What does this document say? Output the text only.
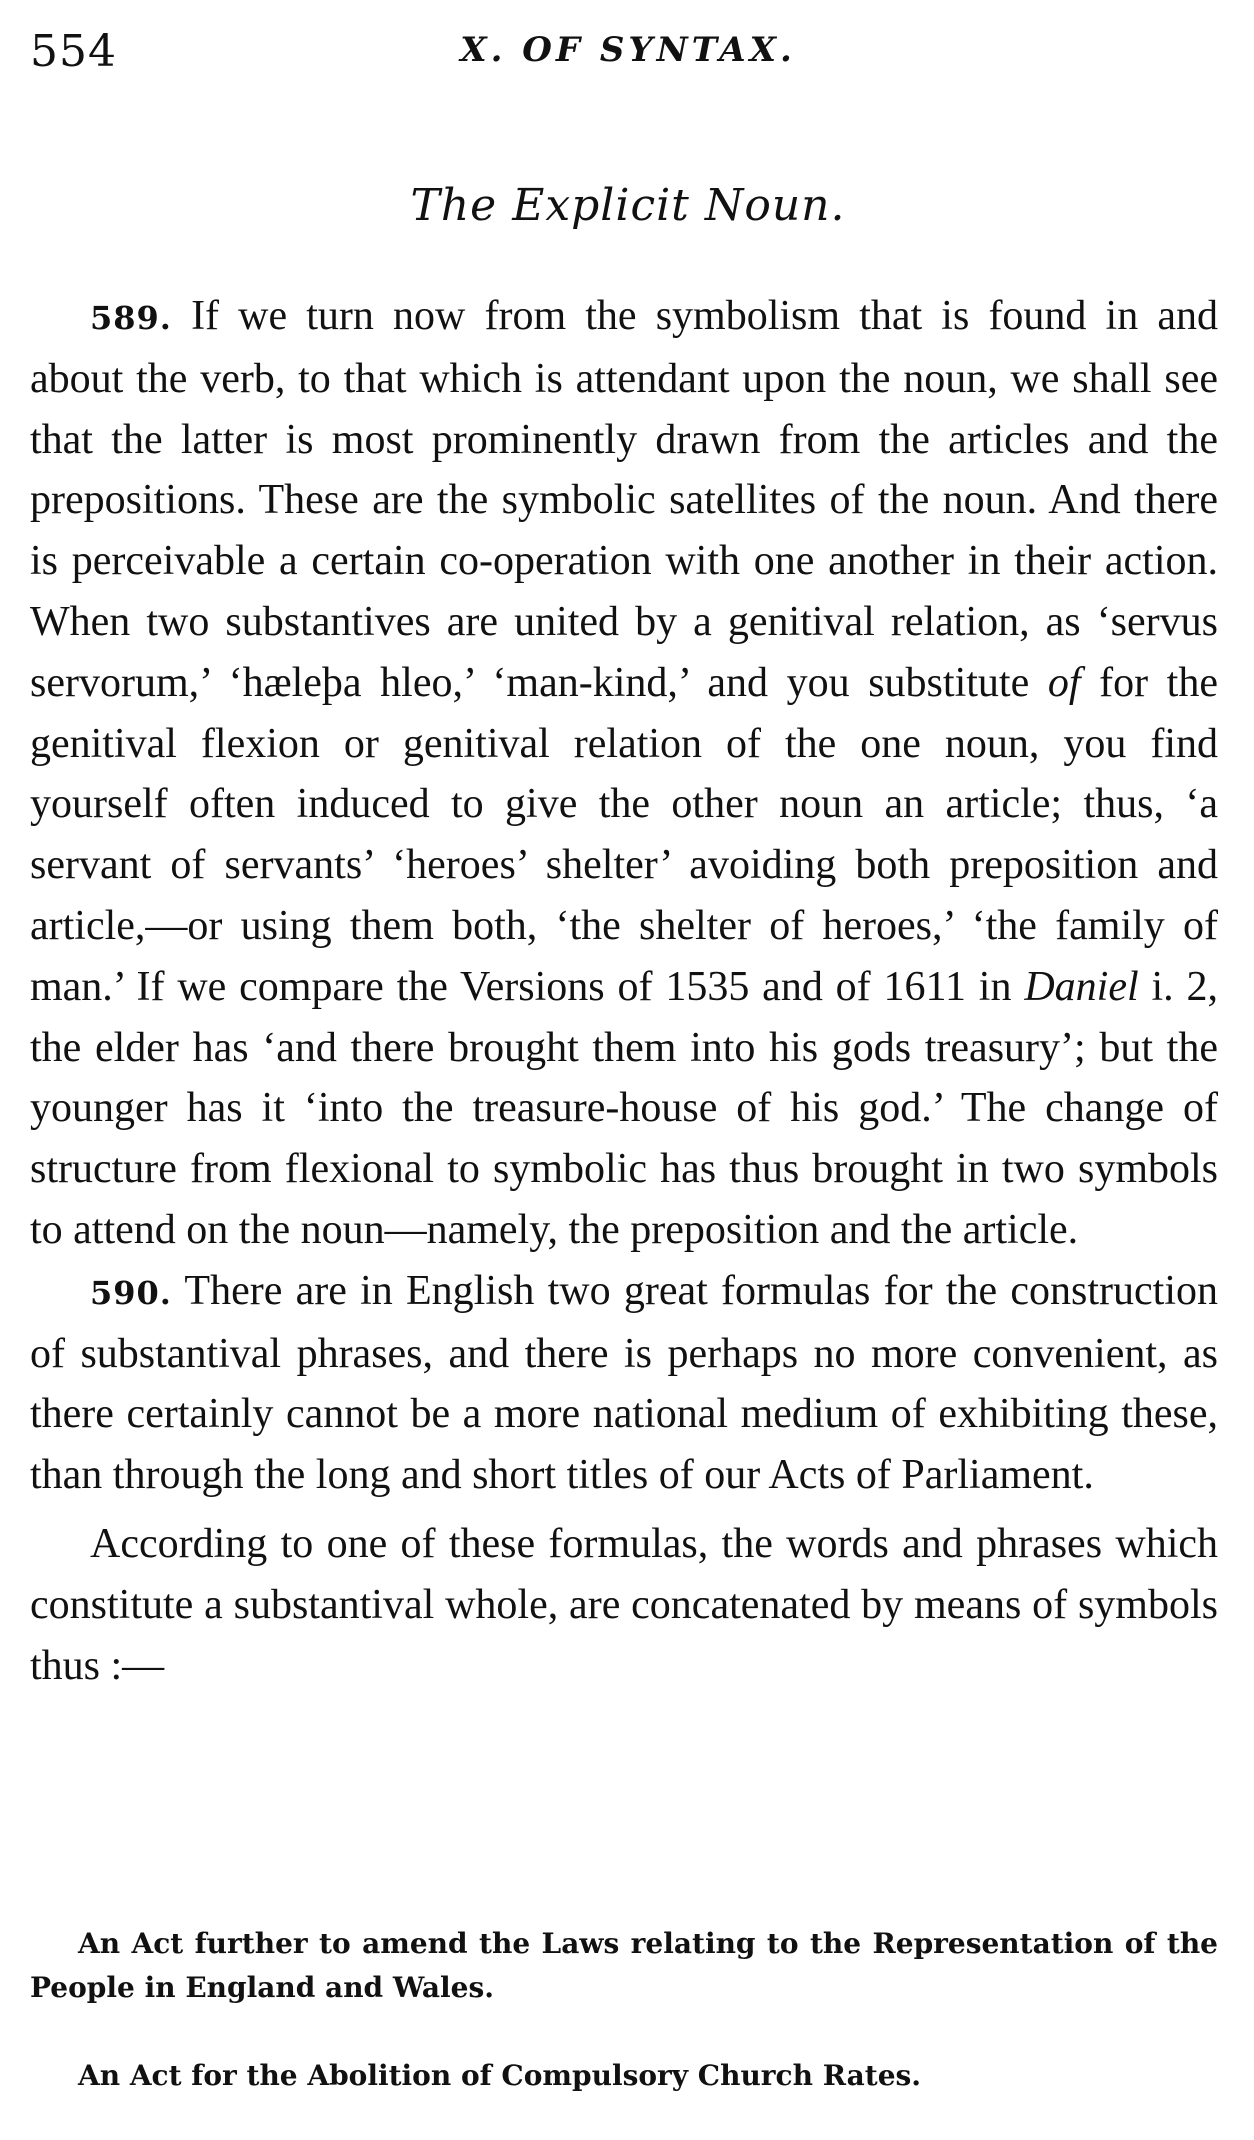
554	X. OF SYNTAX.
The Explicit Noun.

589. If we turn now from the symbolism that is found in and about the verb, to that which is attendant upon the noun, we shall see that the latter is most prominently drawn from the articles and the prepositions. These are the symbolic satellites of the noun. And there is perceivable a certain co-operation with one another in their action. When two substantives are united by a genitival relation, as ‘servus servorum,’ ‘hæleþa hleo,’ ‘man-kind,’ and you substitute of for the genitival flexion or genitival relation of the one noun, you find yourself often induced to give the other noun an article; thus, ‘a servant of servants’ ‘heroes’ shelter’ avoiding both preposition and article,—or using them both, ‘the shelter of heroes,’ ‘the family of man.’ If we compare the Versions of 1535 and of 1611 in Daniel i. 2, the elder has ‘and there brought them into his gods treasury’; but the younger has it ‘into the treasure-house of his god.’ The change of structure from flexional to symbolic has thus brought in two symbols to attend on the noun—namely, the preposition and the article.

590. There are in English two great formulas for the construction of substantival phrases, and there is perhaps no more convenient, as there certainly cannot be a more national medium of exhibiting these, than through the long and short titles of our Acts of Parliament.

According to one of these formulas, the words and phrases which constitute a substantival whole, are concatenated by means of symbols thus :—

An Act further to amend the Laws relating to the Representation of the People in England and Wales.
An Act for the Abolition of Compulsory Church Rates.
